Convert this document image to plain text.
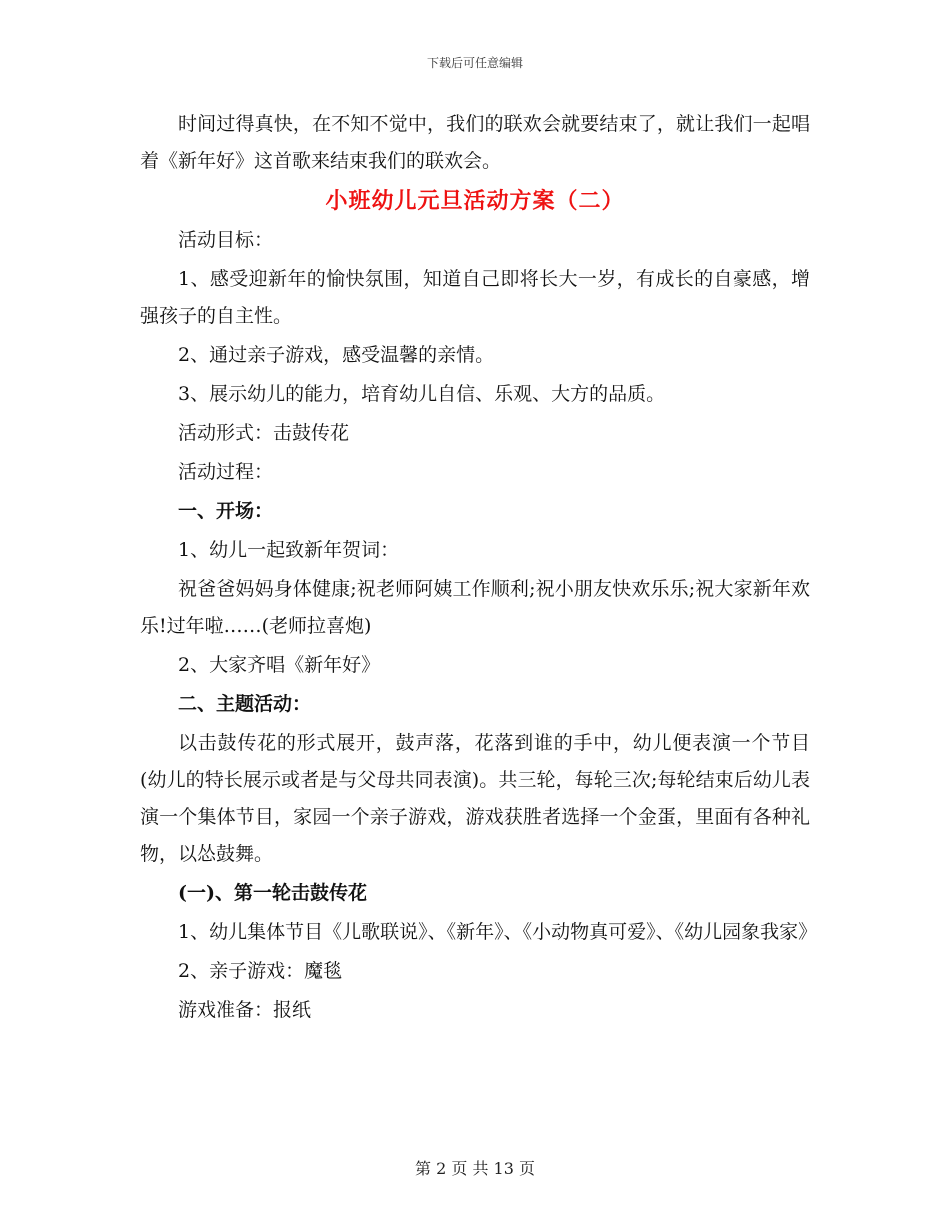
下载后可任意编辑

时间过得真快，在不知不觉中，我们的联欢会就要结束了，就让我们一起唱着《新年好》这首歌来结束我们的联欢会。

小班幼儿元旦活动方案（二）

活动目标：

1、感受迎新年的愉快氛围，知道自己即将长大一岁，有成长的自豪感，增强孩子的自主性。

2、通过亲子游戏，感受温馨的亲情。

3、展示幼儿的能力，培育幼儿自信、乐观、大方的品质。

活动形式：击鼓传花

活动过程：

一、开场：

1、幼儿一起致新年贺词：

祝爸爸妈妈身体健康;祝老师阿姨工作顺利;祝小朋友快欢乐乐;祝大家新年欢乐!过年啦……(老师拉喜炮)

2、大家齐唱《新年好》

二、主题活动：

以击鼓传花的形式展开，鼓声落，花落到谁的手中，幼儿便表演一个节目(幼儿的特长展示或者是与父母共同表演)。共三轮，每轮三次;每轮结束后幼儿表演一个集体节目，家园一个亲子游戏，游戏获胜者选择一个金蛋，里面有各种礼物，以怂鼓舞。

(一)、第一轮击鼓传花

1、幼儿集体节目《儿歌联说》、《新年》、《小动物真可爱》、《幼儿园象我家》

2、亲子游戏：魔毯

游戏准备：报纸

第 2 页 共 13 页
